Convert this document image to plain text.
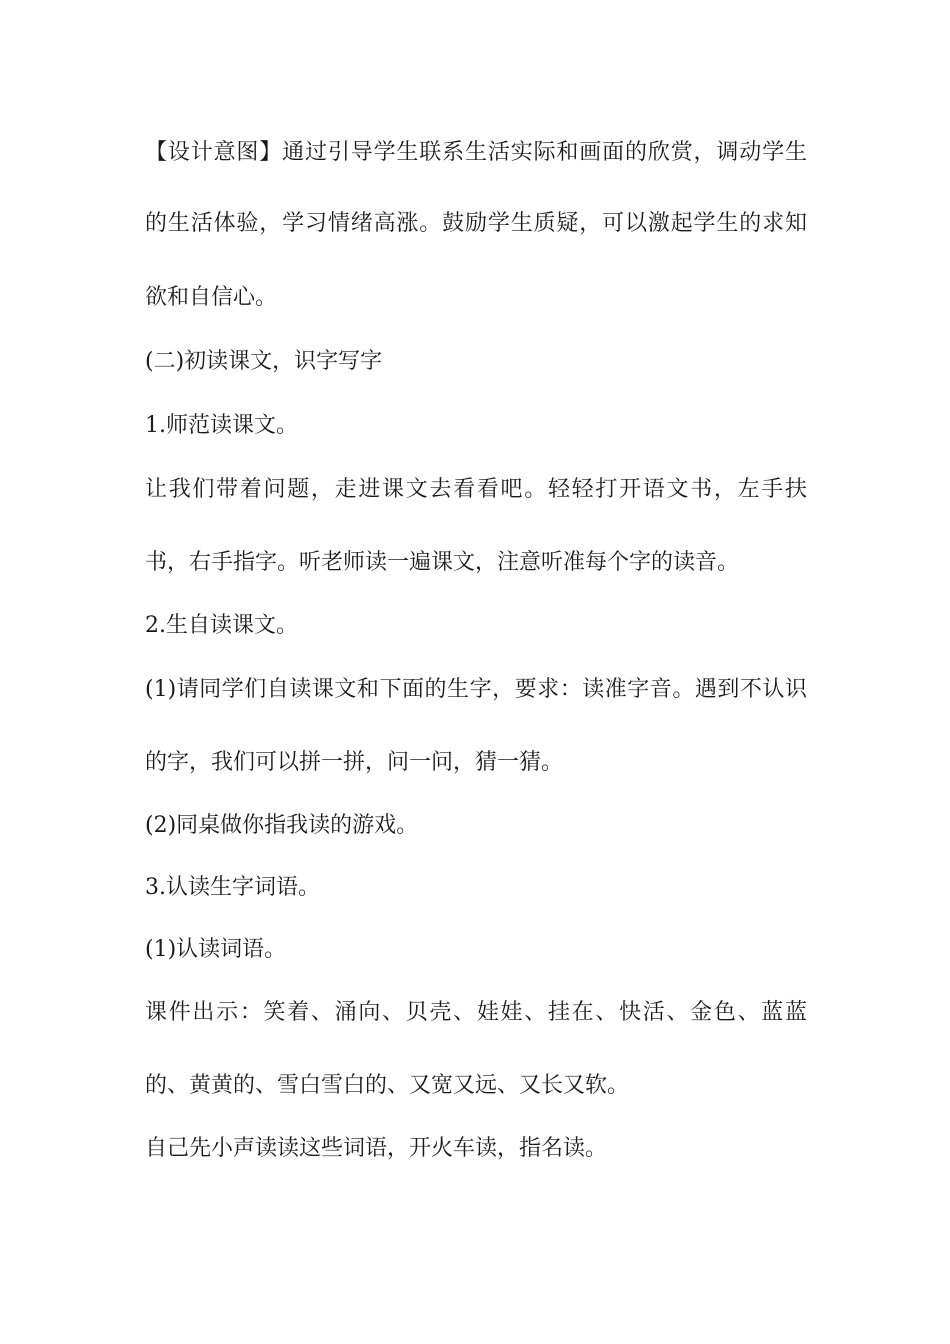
【设计意图】通过引导学生联系生活实际和画面的欣赏，调动学生
的生活体验，学习情绪高涨。鼓励学生质疑，可以激起学生的求知
欲和自信心。
(二)初读课文，识字写字
1.师范读课文。
让我们带着问题，走进课文去看看吧。轻轻打开语文书，左手扶
书，右手指字。听老师读一遍课文，注意听准每个字的读音。
2.生自读课文。
(1)请同学们自读课文和下面的生字，要求：读准字音。遇到不认识
的字，我们可以拼一拼，问一问，猜一猜。
(2)同桌做你指我读的游戏。
3.认读生字词语。
(1)认读词语。
课件出示：笑着、涌向、贝壳、娃娃、挂在、快活、金色、蓝蓝
的、黄黄的、雪白雪白的、又宽又远、又长又软。
自己先小声读读这些词语，开火车读，指名读。
